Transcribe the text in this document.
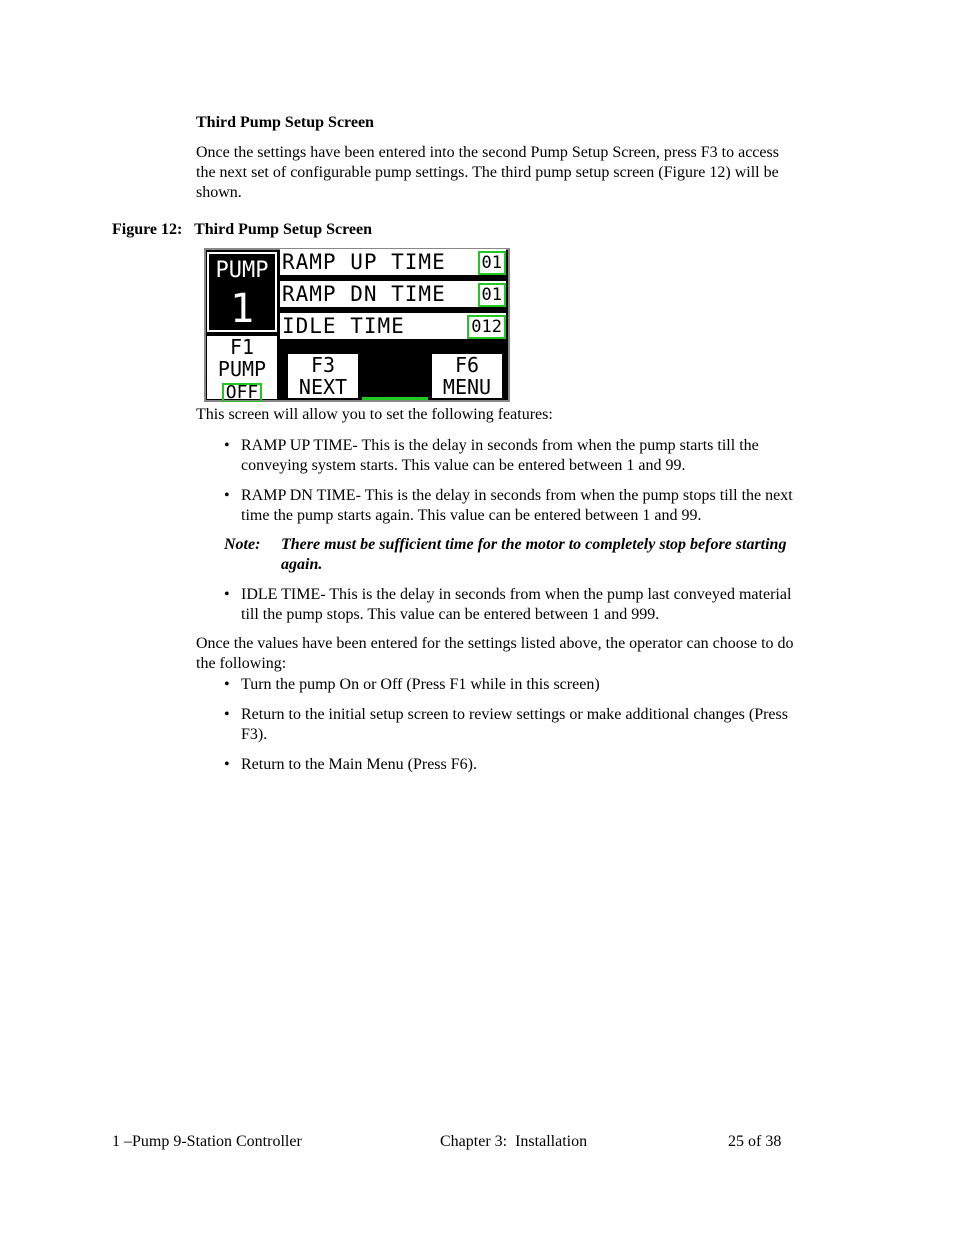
Third Pump Setup Screen
Once the settings have been entered into the second Pump Setup Screen, press F3 to access
the next set of configurable pump settings. The third pump setup screen (Figure 12) will be
shown.
Figure 12:   Third Pump Setup Screen
PUMP
1
RAMP UP TIME 01
RAMP DN TIME 01
IDLE TIME	012
F1
PUMP
OFF
F3
NEXT
F6
MENU
This screen will allow you to set the following features:
• RAMP UP TIME- This is the delay in seconds from when the pump starts till the
conveying system starts. This value can be entered between 1 and 99.
• RAMP DN TIME- This is the delay in seconds from when the pump stops till the next
time the pump starts again. This value can be entered between 1 and 99.
Note: There must be sufficient time for the motor to completely stop before starting
again.
• IDLE TIME- This is the delay in seconds from when the pump last conveyed material
till the pump stops. This value can be entered between 1 and 999.
Once the values have been entered for the settings listed above, the operator can choose to do
the following:
• Turn the pump On or Off (Press F1 while in this screen)
• Return to the initial setup screen to review settings or make additional changes (Press
F3).
• Return to the Main Menu (Press F6).
1 –Pump 9-Station Controller	Chapter 3:  Installation	25 of 38
